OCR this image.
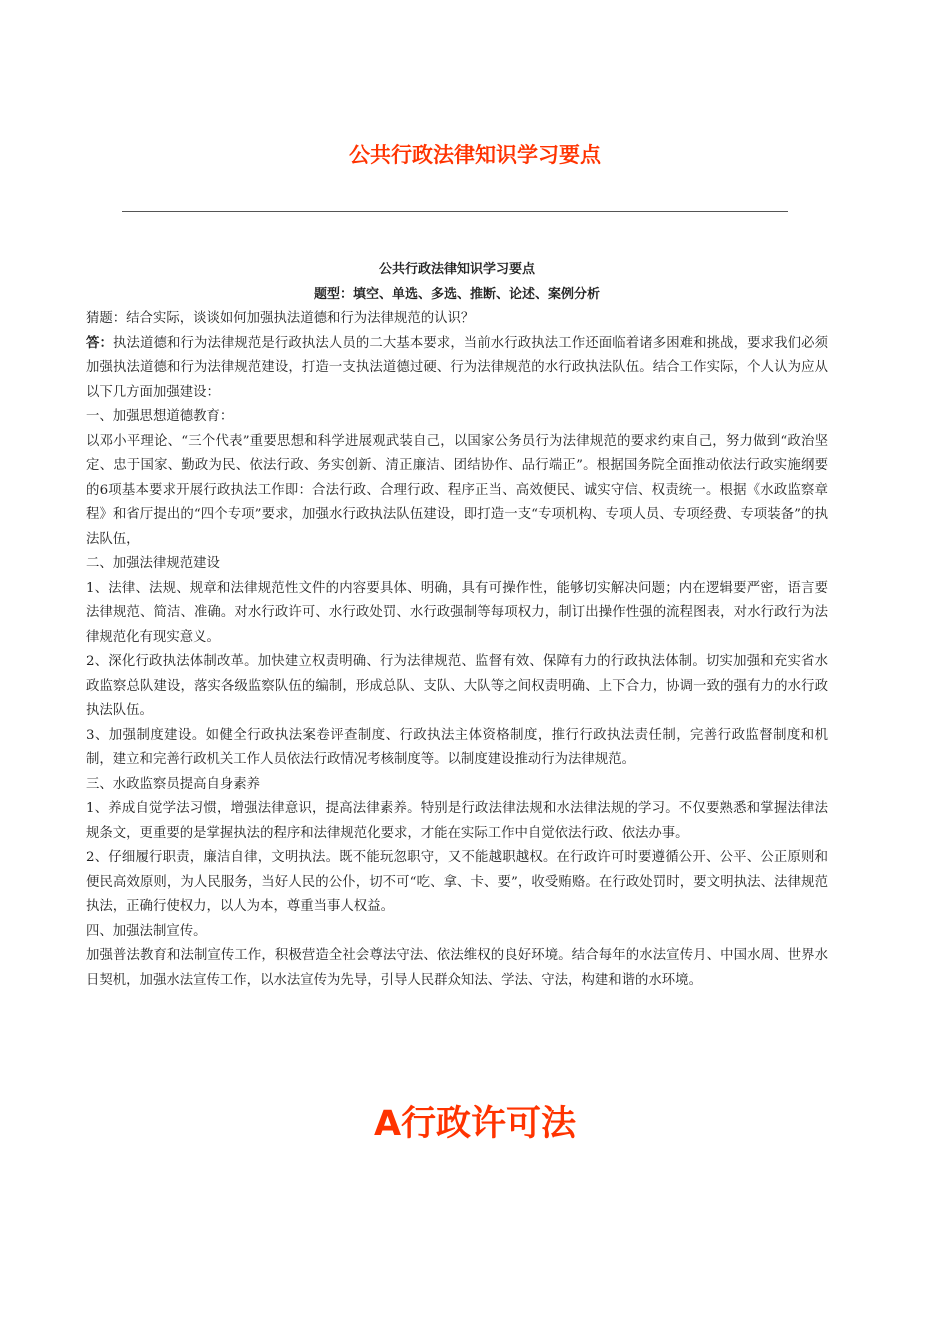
公共行政法律知识学习要点

公共行政法律知识学习要点

题型：填空、单选、多选、推断、论述、案例分析

猜题：结合实际，谈谈如何加强执法道德和行为法律规范的认识？

答：执法道德和行为法律规范是行政执法人员的二大基本要求，当前水行政执法工作还面临着诸多困难和挑战，要求我们必须加强执法道德和行为法律规范建设，打造一支执法道德过硬、行为法律规范的水行政执法队伍。结合工作实际，个人认为应从以下几方面加强建设：

一、加强思想道德教育：

以邓小平理论、“三个代表”重要思想和科学进展观武装自己，以国家公务员行为法律规范的要求约束自己，努力做到“政治坚定、忠于国家、勤政为民、依法行政、务实创新、清正廉洁、团结协作、品行端正”。根据国务院全面推动依法行政实施纲要的6项基本要求开展行政执法工作即：合法行政、合理行政、程序正当、高效便民、诚实守信、权责统一。根据《水政监察章程》和省厅提出的“四个专项”要求，加强水行政执法队伍建设，即打造一支“专项机构、专项人员、专项经费、专项装备”的执法队伍，

二、加强法律规范建设

1、法律、法规、规章和法律规范性文件的内容要具体、明确，具有可操作性，能够切实解决问题；内在逻辑要严密，语言要法律规范、简洁、准确。对水行政许可、水行政处罚、水行政强制等每项权力，制订出操作性强的流程图表，对水行政行为法律规范化有现实意义。

2、深化行政执法体制改革。加快建立权责明确、行为法律规范、监督有效、保障有力的行政执法体制。切实加强和充实省水政监察总队建设，落实各级监察队伍的编制，形成总队、支队、大队等之间权责明确、上下合力，协调一致的强有力的水行政执法队伍。

3、加强制度建设。如健全行政执法案卷评查制度、行政执法主体资格制度，推行行政执法责任制，完善行政监督制度和机制，建立和完善行政机关工作人员依法行政情况考核制度等。以制度建设推动行为法律规范。

三、水政监察员提高自身素养

1、养成自觉学法习惯，增强法律意识，提高法律素养。特别是行政法律法规和水法律法规的学习。不仅要熟悉和掌握法律法规条文，更重要的是掌握执法的程序和法律规范化要求，才能在实际工作中自觉依法行政、依法办事。

2、仔细履行职责，廉洁自律，文明执法。既不能玩忽职守，又不能越职越权。在行政许可时要遵循公开、公平、公正原则和便民高效原则，为人民服务，当好人民的公仆，切不可“吃、拿、卡、要”，收受贿赂。在行政处罚时，要文明执法、法律规范执法，正确行使权力，以人为本，尊重当事人权益。

四、加强法制宣传。

加强普法教育和法制宣传工作，积极营造全社会尊法守法、依法维权的良好环境。结合每年的水法宣传月、中国水周、世界水日契机，加强水法宣传工作，以水法宣传为先导，引导人民群众知法、学法、守法，构建和谐的水环境。

A行政许可法
